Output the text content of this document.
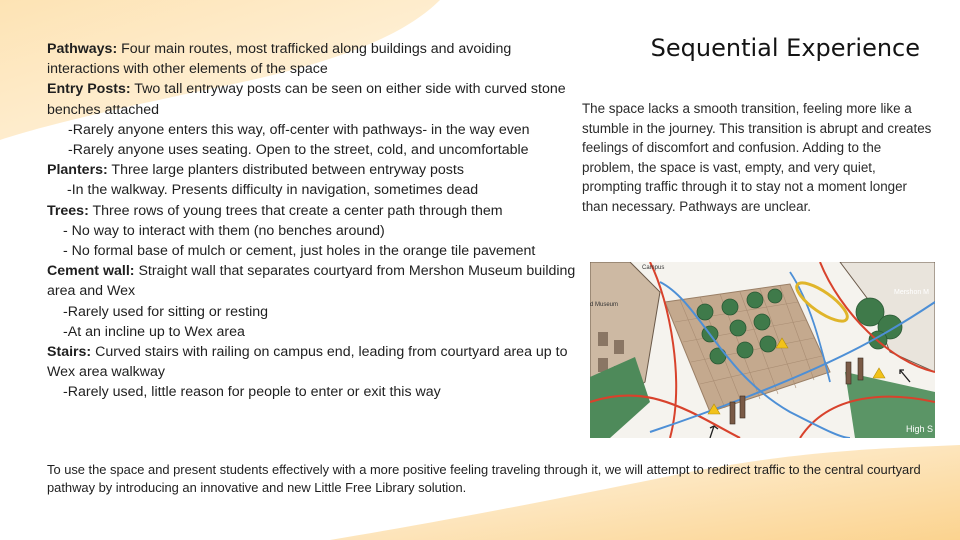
Sequential Experience

Pathways: Four main routes, most trafficked along buildings and avoiding interactions with other elements of the space

Entry Posts: Two tall entryway posts can be seen on either side with curved stone benches attached

-Rarely anyone enters this way, off-center with pathways- in the way even

-Rarely anyone uses seating. Open to the street, cold, and uncomfortable

Planters: Three large planters distributed between entryway posts

-In the walkway. Presents difficulty in navigation, sometimes dead

Trees: Three rows of young trees that create a center path through them

- No way to interact with them (no benches around)

- No formal base of mulch or cement, just holes in the orange tile pavement

Cement wall: Straight wall that separates courtyard from Mershon Museum building area and Wex

-Rarely used for sitting or resting

-At an incline up to Wex area

Stairs: Curved stairs with railing on campus end, leading from courtyard area up to Wex area walkway

-Rarely used, little reason for people to enter or exit this way

The space lacks a smooth transition, feeling more like a stumble in the journey. This transition is abrupt and creates feelings of discomfort and confusion. Adding to the problem, the space is vast, empty, and very quiet, prompting traffic through it to stay not a moment longer than necessary. Pathways are unclear.
Campus
d Museum
Mershon M
High S
To use the space and present students effectively with a more positive feeling traveling through it, we will attempt to redirect traffic to the central courtyard pathway by introducing an innovative and new Little Free Library solution.
